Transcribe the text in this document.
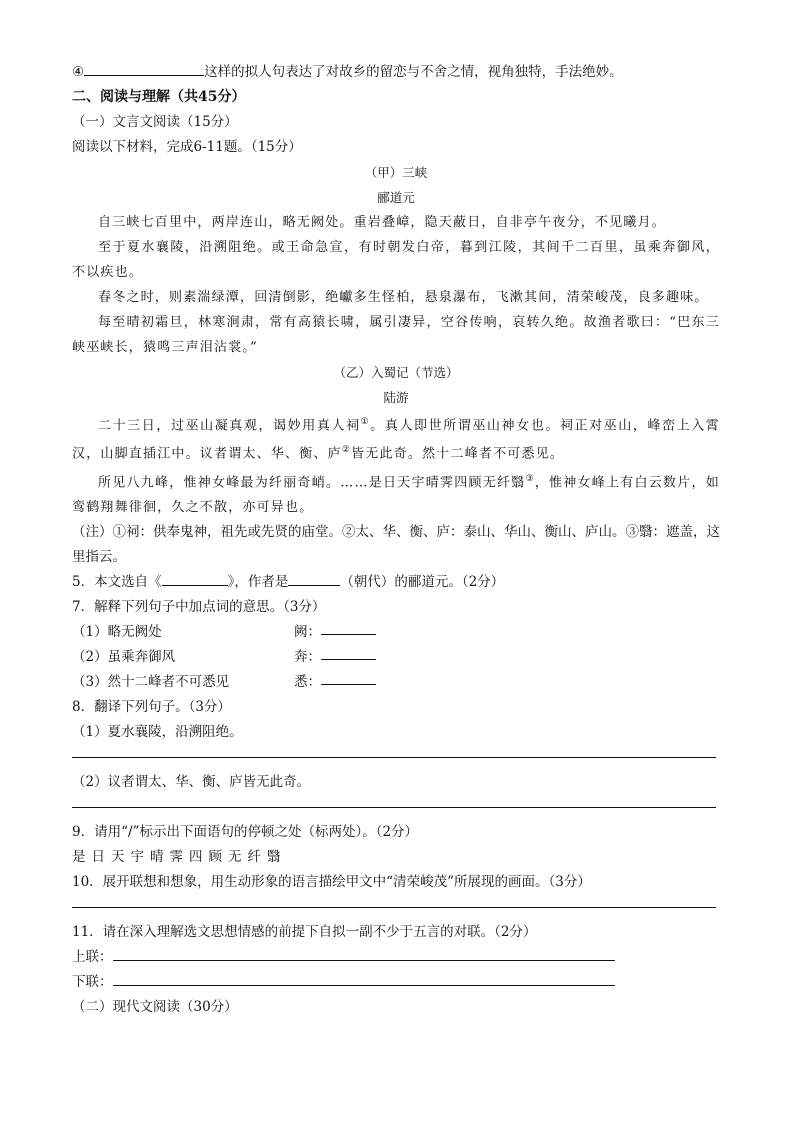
④	这样的拟人句表达了对故乡的留恋与不舍之情，视角独特，手法绝妙。
二、阅读与理解（共45分）
（一）文言文阅读（15分）
阅读以下材料，完成6-11题。（15分）
（甲）三峡
郦道元
自三峡七百里中，两岸连山，略无阙处。重岩叠嶂，隐天蔽日，自非亭午夜分，不见曦月。
至于夏水襄陵，沿溯阻绝。或王命急宣，有时朝发白帝，暮到江陵，其间千二百里，虽乘奔御风，不以疾也。
春冬之时，则素湍绿潭，回清倒影，绝巘多生怪柏，悬泉瀑布，飞漱其间，清荣峻茂，良多趣味。
每至晴初霜旦，林寒涧肃，常有高猿长啸，属引凄异，空谷传响，哀转久绝。故渔者歌曰：“巴东三峡巫峡长，猿鸣三声泪沾裳。”
（乙）入蜀记（节选）
陆游
二十三日，过巫山凝真观，谒妙用真人祠①。真人即世所谓巫山神女也。祠正对巫山，峰峦上入霄汉，山脚直插江中。议者谓太、华、衡、庐②皆无此奇。然十二峰者不可悉见。
所见八九峰，惟神女峰最为纤丽奇峭。……是日天宇晴霁四顾无纤翳③，惟神女峰上有白云数片，如鸾鹤翔舞徘徊，久之不散，亦可异也。
（注）①祠：供奉鬼神，祖先或先贤的庙堂。②太、华、衡、庐：泰山、华山、衡山、庐山。③翳：遮盖，这里指云。
5．本文选自《	》，作者是	（朝代）的郦道元。（2分）
7．解释下列句子中加点词的意思。（3分）
（1）略无阙处	阙：
（2）虽乘奔御风	奔：
（3）然十二峰者不可悉见	悉：
8．翻译下列句子。（3分）
（1）夏水襄陵，沿溯阻绝。
（2）议者谓太、华、衡、庐皆无此奇。
9．请用“/”标示出下面语句的停顿之处（标两处）。（2分）
是日天宇晴霁四顾无纤翳
10．展开联想和想象，用生动形象的语言描绘甲文中“清荣峻茂”所展现的画面。（3分）
11．请在深入理解选文思想情感的前提下自拟一副不少于五言的对联。（2分）
上联：
下联：
（二）现代文阅读（30分）
